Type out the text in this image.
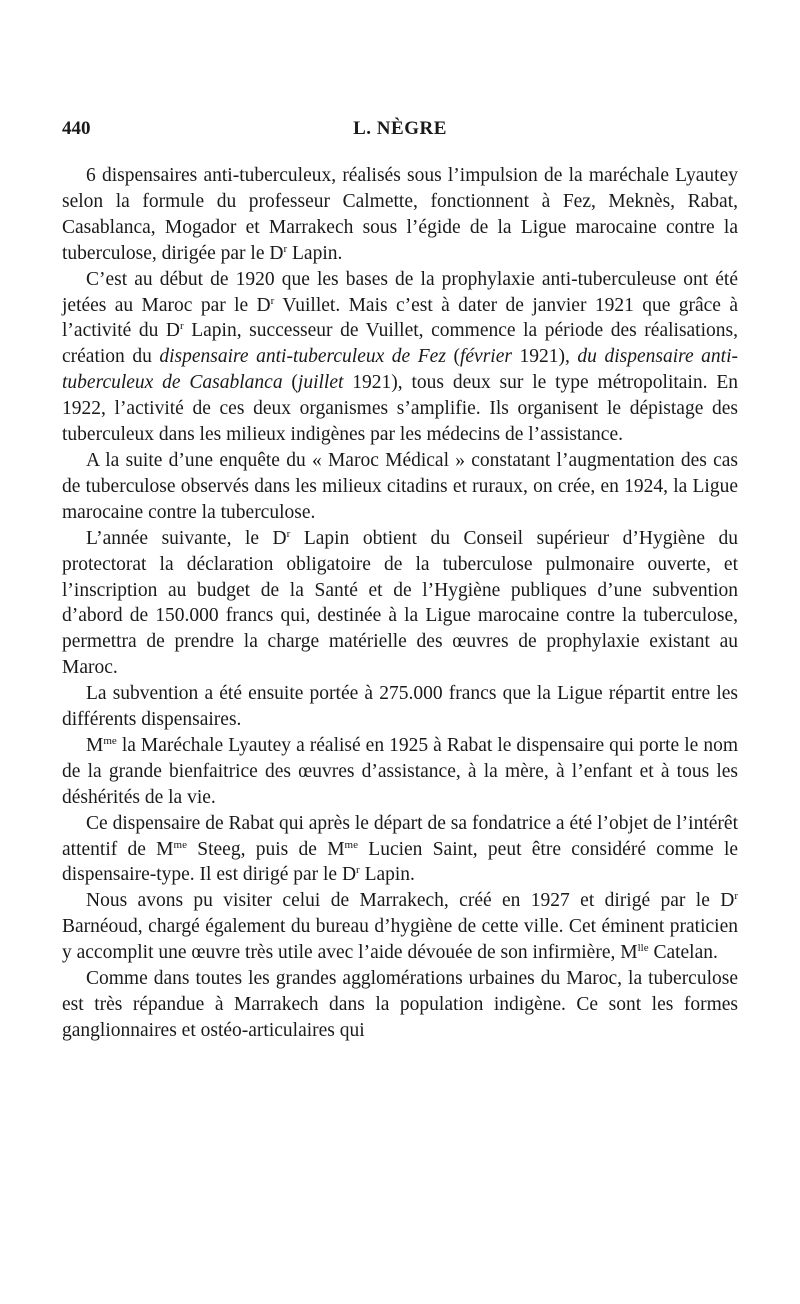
440	L. NÈGRE

6 dispensaires anti-tuberculeux, réalisés sous l’impulsion de la maréchale Lyautey selon la formule du professeur Calmette, fonctionnent à Fez, Meknès, Rabat, Casablanca, Mogador et Marrakech sous l’égide de la Ligue marocaine contre la tuberculose, dirigée par le $D^r$ Lapin.

C’est au début de 1920 que les bases de la prophylaxie anti-tuberculeuse ont été jetées au Maroc par le $D^r$ Vuillet. Mais c’est à dater de janvier 1921 que grâce à l’activité du $D^r$ Lapin, successeur de Vuillet, commence la période des réalisations, création du dispensaire anti-tuberculeux de Fez (février 1921), du dispensaire anti-tuberculeux de Casablanca (juillet 1921), tous deux sur le type métropolitain. En 1922, l’activité de ces deux organismes s’amplifie. Ils organisent le dépistage des tuberculeux dans les milieux indigènes par les médecins de l’assistance.

A la suite d’une enquête du « Maroc Médical » constatant l’augmentation des cas de tuberculose observés dans les milieux citadins et ruraux, on crée, en 1924, la Ligue marocaine contre la tuberculose.

L’année suivante, le $D^r$ Lapin obtient du Conseil supérieur d’Hygiène du protectorat la déclaration obligatoire de la tuberculose pulmonaire ouverte, et l’inscription au budget de la Santé et de l’Hygiène publiques d’une subvention d’abord de 150.000 francs qui, destinée à la Ligue marocaine contre la tuberculose, permettra de prendre la charge matérielle des œuvres de prophylaxie existant au Maroc.

La subvention a été ensuite portée à 275.000 francs que la Ligue répartit entre les différents dispensaires.

$M^{me}$ la Maréchale Lyautey a réalisé en 1925 à Rabat le dispensaire qui porte le nom de la grande bienfaitrice des œuvres d’assistance, à la mère, à l’enfant et à tous les déshérités de la vie.

Ce dispensaire de Rabat qui après le départ de sa fondatrice a été l’objet de l’intérêt attentif de $M^{me}$ Steeg, puis de $M^{me}$ Lucien Saint, peut être considéré comme le dispensaire-type. Il est dirigé par le $D^r$ Lapin.

Nous avons pu visiter celui de Marrakech, créé en 1927 et dirigé par le $D^r$ Barnéoud, chargé également du bureau d’hygiène de cette ville. Cet éminent praticien y accomplit une œuvre très utile avec l’aide dévouée de son infirmière, $M^{lle}$ Catelan.

Comme dans toutes les grandes agglomérations urbaines du Maroc, la tuberculose est très répandue à Marrakech dans la population indigène. Ce sont les formes ganglionnaires et ostéo-articulaires qui
